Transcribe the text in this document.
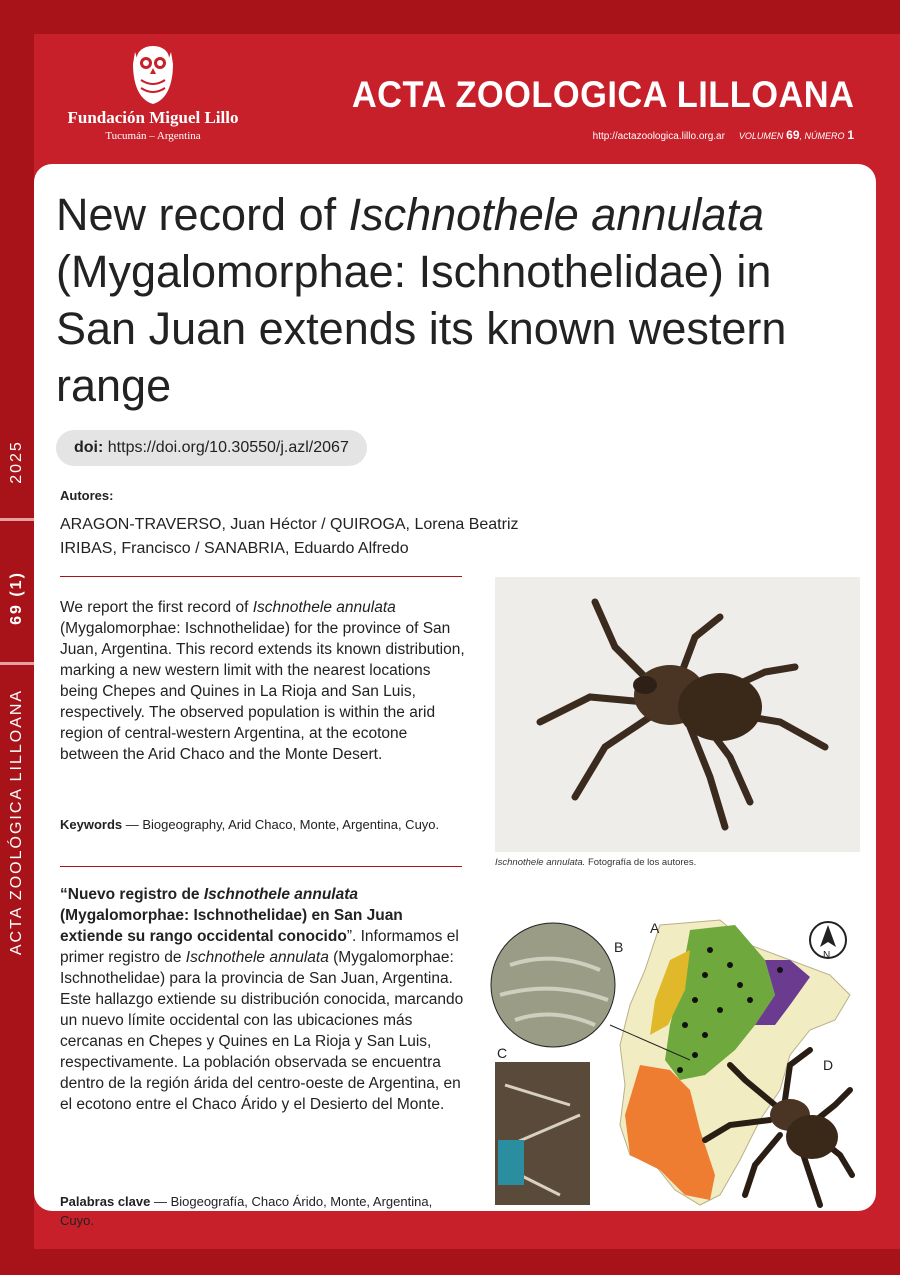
Fundación Miguel Lillo
Tucumán – Argentina
ACTA ZOOLOGICA LILLOANA
http://actazoologica.lillo.org.ar VOLUMEN 69, NÚMERO 1
2025
69 (1)
ACTA ZOOLÓGICA LILLOANA
New record of Ischnothele annulata (Mygalomorphae: Ischnothelidae) in San Juan extends its known western range
doi: https://doi.org/10.30550/j.azl/2067
Autores:
ARAGON-TRAVERSO, Juan Héctor / QUIROGA, Lorena Beatriz
IRIBAS, Francisco / SANABRIA, Eduardo Alfredo
We report the first record of Ischnothele annulata (Mygalomorphae: Ischnothelidae) for the province of San Juan, Argentina. This record extends its known distribution, marking a new western limit with the nearest locations being Chepes and Quines in La Rioja and San Luis, respectively. The observed population is within the arid region of central-western Argentina, at the ecotone between the Arid Chaco and the Monte Desert.
Keywords — Biogeography, Arid Chaco, Monte, Argentina, Cuyo.
“Nuevo registro de Ischnothele annulata (Mygalomorphae: Ischnothelidae) en San Juan extiende su rango occidental conocido”. Informamos el primer registro de Ischnothele annulata (Mygalomorphae: Ischnothelidae) para la provincia de San Juan, Argentina. Este hallazgo extiende su distribución conocida, marcando un nuevo límite occidental con las ubicaciones más cercanas en Chepes y Quines en La Rioja y San Luis, respectivamente. La población observada se encuentra dentro de la región árida del centro-oeste de Argentina, en el ecotono entre el Chaco Árido y el Desierto del Monte.
Palabras clave — Biogeografía, Chaco Árido, Monte, Argentina, Cuyo.
Ischnothele annulata. Fotografía de los autores.
A
B
C
D
N
